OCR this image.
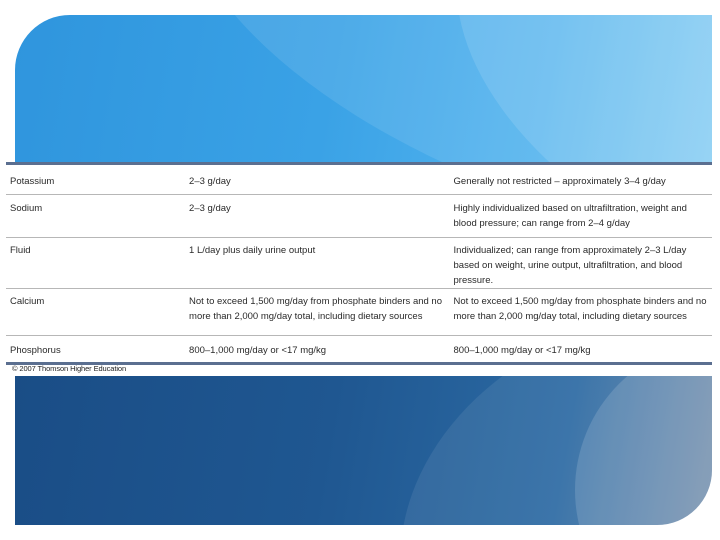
Potassium	2–3 g/day	Generally not restricted – approximately 3–4 g/day
Sodium	2–3 g/day	Highly individualized based on ultrafiltration, weight and blood pressure; can range from 2–4 g/day
Fluid	1 L/day plus daily urine output	Individualized; can range from approximately 2–3 L/day based on weight, urine output, ultrafiltration, and blood pressure.
Calcium	Not to exceed 1,500 mg/day from phosphate binders and no more than 2,000 mg/day total, including dietary sources	Not to exceed 1,500 mg/day from phosphate binders and no more than 2,000 mg/day total, including dietary sources
Phosphorus	800–1,000 mg/day or <17 mg/kg	800–1,000 mg/day or <17 mg/kg
© 2007 Thomson Higher Education
